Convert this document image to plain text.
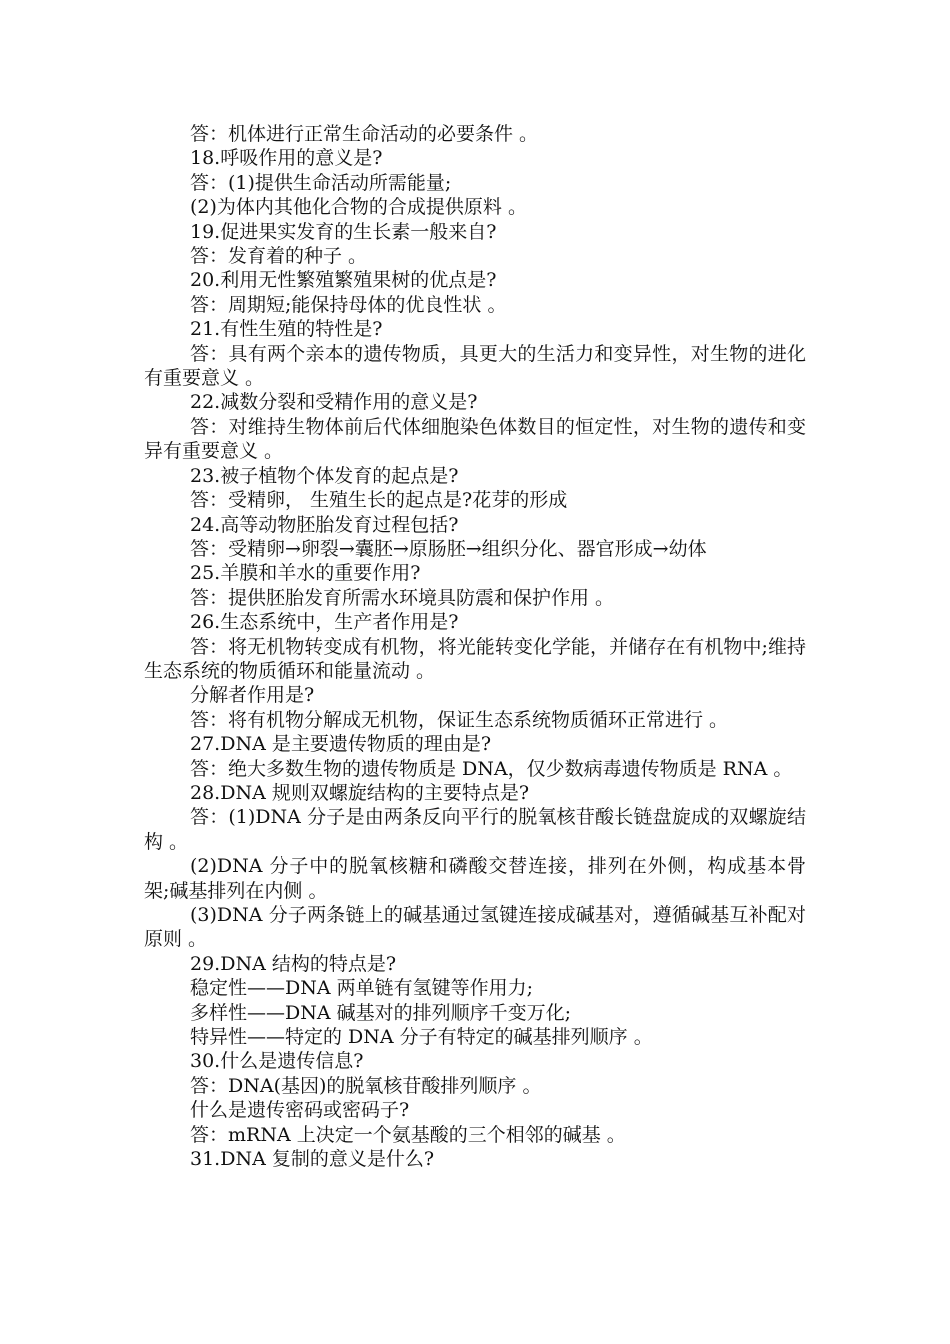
答：机体进行正常生命活动的必要条件 。

18.呼吸作用的意义是?

答：(1)提供生命活动所需能量;

(2)为体内其他化合物的合成提供原料 。

19.促进果实发育的生长素一般来自?

答：发育着的种子 。

20.利用无性繁殖繁殖果树的优点是?

答：周期短;能保持母体的优良性状 。

21.有性生殖的特性是?

答：具有两个亲本的遗传物质，具更大的生活力和变异性，对生物的进化有重要意义 。

22.减数分裂和受精作用的意义是?

答：对维持生物体前后代体细胞染色体数目的恒定性，对生物的遗传和变异有重要意义 。

23.被子植物个体发育的起点是?

答：受精卵， 生殖生长的起点是?花芽的形成

24.高等动物胚胎发育过程包括?

答：受精卵→卵裂→囊胚→原肠胚→组织分化、器官形成→幼体

25.羊膜和羊水的重要作用?

答：提供胚胎发育所需水环境具防震和保护作用 。

26.生态系统中，生产者作用是?

答：将无机物转变成有机物，将光能转变化学能，并储存在有机物中;维持生态系统的物质循环和能量流动 。

分解者作用是?

答：将有机物分解成无机物，保证生态系统物质循环正常进行 。

27.DNA 是主要遗传物质的理由是?

答：绝大多数生物的遗传物质是 DNA，仅少数病毒遗传物质是 RNA 。

28.DNA 规则双螺旋结构的主要特点是?

答：(1)DNA 分子是由两条反向平行的脱氧核苷酸长链盘旋成的双螺旋结构 。

(2)DNA 分子中的脱氧核糖和磷酸交替连接，排列在外侧，构成基本骨架;碱基排列在内侧 。

(3)DNA 分子两条链上的碱基通过氢键连接成碱基对，遵循碱基互补配对原则 。

29.DNA 结构的特点是?

稳定性——DNA 两单链有氢键等作用力;

多样性——DNA 碱基对的排列顺序千变万化;

特异性——特定的 DNA 分子有特定的碱基排列顺序 。

30.什么是遗传信息?

答：DNA(基因)的脱氧核苷酸排列顺序 。

什么是遗传密码或密码子?

答：mRNA 上决定一个氨基酸的三个相邻的碱基 。

31.DNA 复制的意义是什么?
